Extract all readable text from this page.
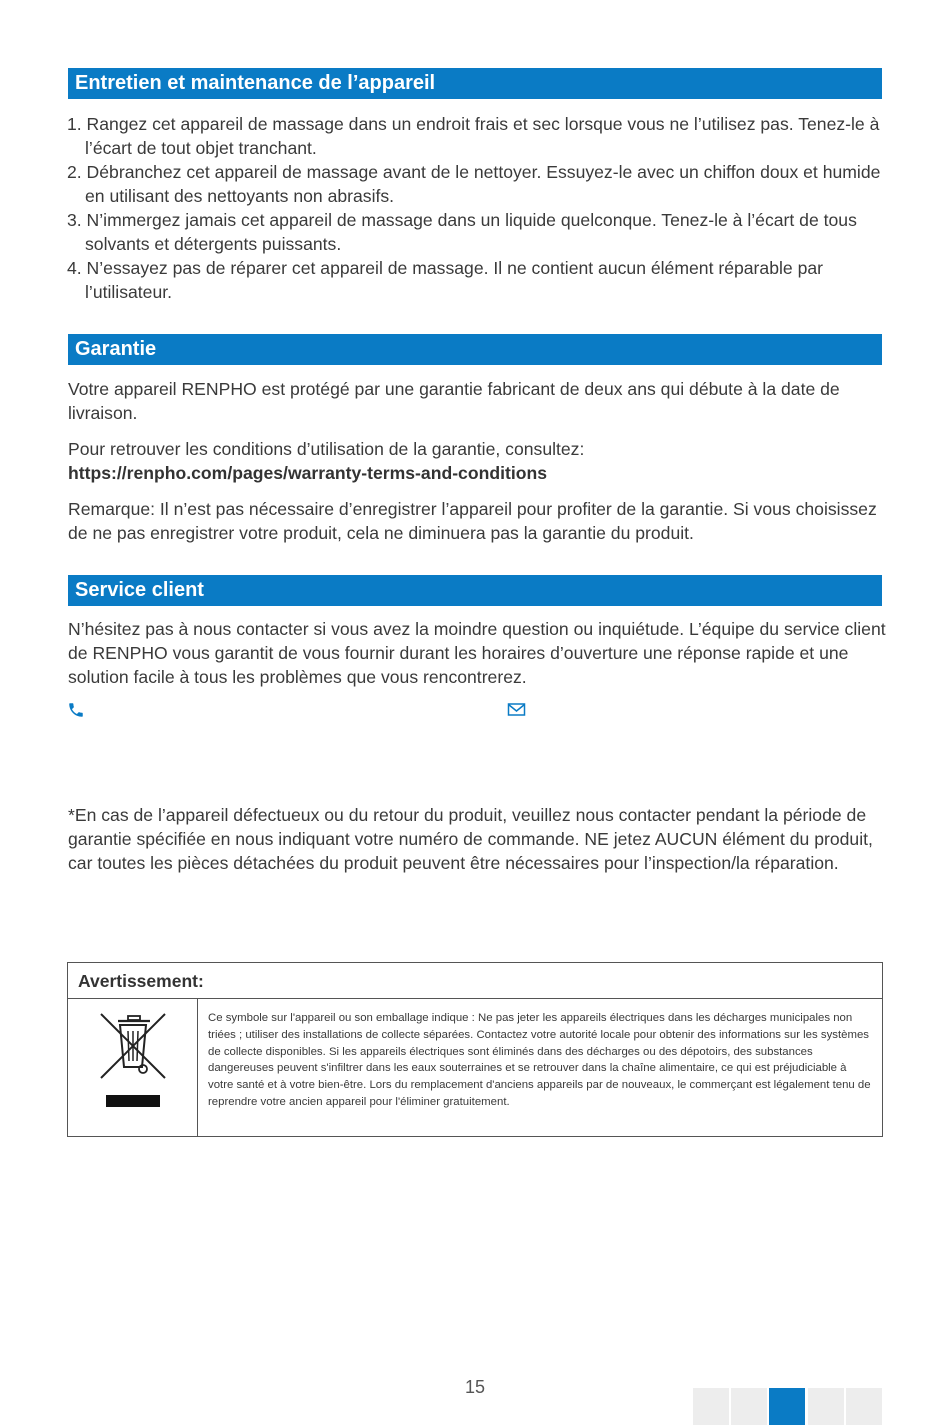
Entretien et maintenance de l’appareil
1. Rangez cet appareil de massage dans un endroit frais et sec lorsque vous ne l’utilisez pas. Tenez-le à l’écart de tout objet tranchant.
2. Débranchez cet appareil de massage avant de le nettoyer. Essuyez-le avec un chiffon doux et humide en utilisant des nettoyants non abrasifs.
3. N’immergez jamais cet appareil de massage dans un liquide quelconque. Tenez-le à l’écart de tous solvants et détergents puissants.
4. N’essayez pas de réparer cet appareil de massage. Il ne contient aucun élément réparable par l’utilisateur.
Garantie

Votre appareil RENPHO est protégé par une garantie fabricant de deux ans qui débute à la date de livraison.

Pour retrouver les conditions d’utilisation de la garantie, consultez:
https://renpho.com/pages/warranty-terms-and-conditions

Remarque: Il n’est pas nécessaire d’enregistrer l’appareil pour profiter de la garantie. Si vous choisissez de ne pas enregistrer votre produit, cela ne diminuera pas la garantie du produit.

Service client

N’hésitez pas à nous contacter si vous avez la moindre question ou inquiétude. L’équipe du service client de RENPHO vous garantit de vous fournir durant les horaires d’ouverture une réponse rapide et une solution facile à tous les problèmes que vous rencontrerez.

*En cas de l’appareil défectueux ou du retour du produit, veuillez nous contacter pendant la période de garantie spécifiée en nous indiquant votre numéro de commande. NE jetez AUCUN élément du produit, car toutes les pièces détachées du produit peuvent être nécessaires pour l’inspection/la réparation.

Avertissement:

Ce symbole sur l'appareil ou son emballage indique : Ne pas jeter les appareils électriques dans les décharges municipales non triées ; utiliser des installations de collecte séparées. Contactez votre autorité locale pour obtenir des informations sur les systèmes de collecte disponibles. Si les appareils électriques sont éliminés dans des décharges ou des dépotoirs, des substances dangereuses peuvent s'infiltrer dans les eaux souterraines et se retrouver dans la chaîne alimentaire, ce qui est préjudiciable à votre santé et à votre bien-être. Lors du remplacement d'anciens appareils par de nouveaux, le commerçant est légalement tenu de reprendre votre ancien appareil pour l'éliminer gratuitement.

15
